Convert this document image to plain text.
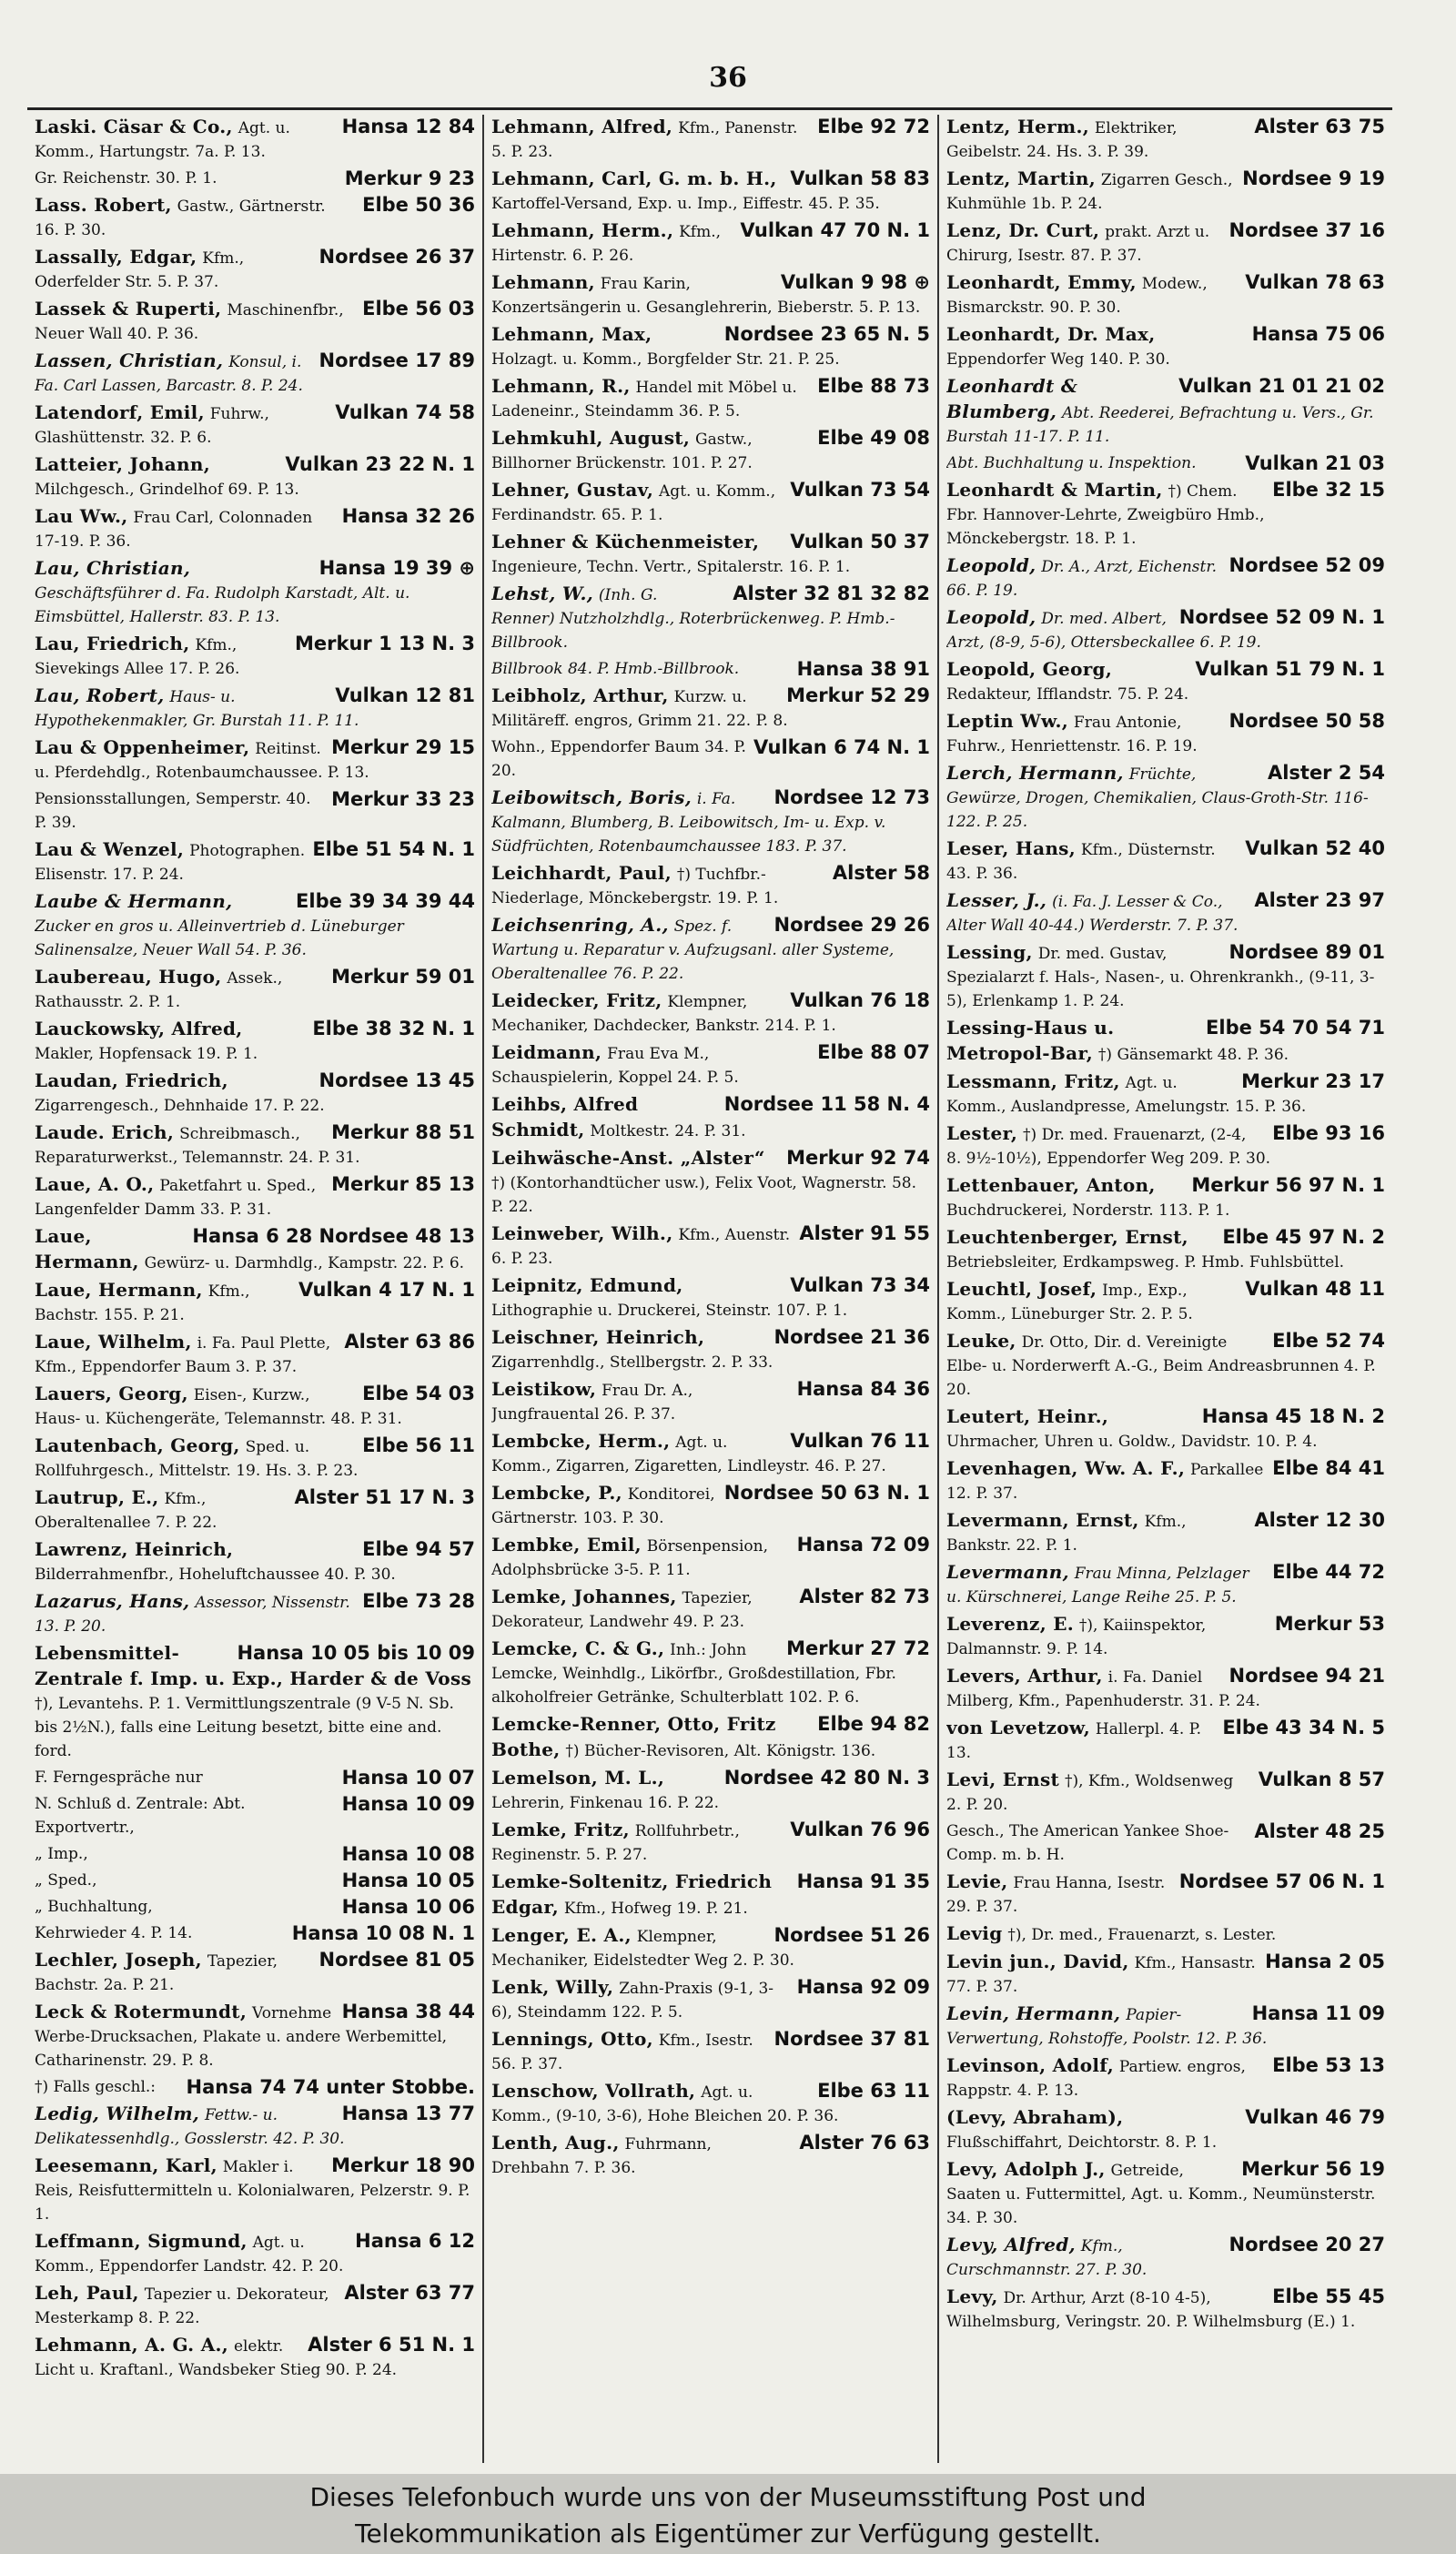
36
Hansa 12 84
Laski. Cäsar & Co., Agt. u. Komm., Hartungstr. 7a. P. 13.
Merkur 9 23
Gr. Reichenstr. 30. P. 1.
Elbe 50 36
Lass. Robert, Gastw., Gärtnerstr. 16. P. 30.
Nordsee 26 37
Lassally, Edgar, Kfm., Oderfelder Str. 5. P. 37.
Elbe 56 03
Lassek & Ruperti, Maschinenfbr., Neuer Wall 40. P. 36.
Nordsee 17 89
Lassen, Christian, Konsul, i. Fa. Carl Lassen, Barcastr. 8. P. 24.
Vulkan 74 58
Latendorf, Emil, Fuhrw., Glashüttenstr. 32. P. 6.
Vulkan 23 22 N. 1
Latteier, Johann, Milchgesch., Grindelhof 69. P. 13.
Hansa 32 26
Lau Ww., Frau Carl, Colonnaden 17-19. P. 36.
Hansa 19 39 ⊕
Lau, Christian, Geschäftsführer d. Fa. Rudolph Karstadt, Alt. u. Eimsbüttel, Hallerstr. 83. P. 13.
Merkur 1 13 N. 3
Lau, Friedrich, Kfm., Sievekings Allee 17. P. 26.
Vulkan 12 81
Lau, Robert, Haus- u. Hypothekenmakler, Gr. Burstah 11. P. 11.
Merkur 29 15
Lau & Oppenheimer, Reitinst. u. Pferdehdlg., Rotenbaumchaussee. P. 13.
Merkur 33 23
Pensionsstallungen, Semperstr. 40. P. 39.
Elbe 51 54 N. 1
Lau & Wenzel, Photographen. Elisenstr. 17. P. 24.
Elbe 39 34 39 44
Laube & Hermann, Zucker en gros u. Alleinvertrieb d. Lüneburger Salinensalze, Neuer Wall 54. P. 36.
Merkur 59 01
Laubereau, Hugo, Assek., Rathausstr. 2. P. 1.
Elbe 38 32 N. 1
Lauckowsky, Alfred, Makler, Hopfensack 19. P. 1.
Nordsee 13 45
Laudan, Friedrich, Zigarrengesch., Dehnhaide 17. P. 22.
Merkur 88 51
Laude. Erich, Schreibmasch., Reparaturwerkst., Telemannstr. 24. P. 31.
Merkur 85 13
Laue, A. O., Paketfahrt u. Sped., Langenfelder Damm 33. P. 31.
Hansa 6 28 Nordsee 48 13
Laue, Hermann, Gewürz- u. Darmhdlg., Kampstr. 22. P. 6.
Vulkan 4 17 N. 1
Laue, Hermann, Kfm., Bachstr. 155. P. 21.
Alster 63 86
Laue, Wilhelm, i. Fa. Paul Plette, Kfm., Eppendorfer Baum 3. P. 37.
Elbe 54 03
Lauers, Georg, Eisen-, Kurzw., Haus- u. Küchengeräte, Telemannstr. 48. P. 31.
Elbe 56 11
Lautenbach, Georg, Sped. u. Rollfuhrgesch., Mittelstr. 19. Hs. 3. P. 23.
Alster 51 17 N. 3
Lautrup, E., Kfm., Oberaltenallee 7. P. 22.
Elbe 94 57
Lawrenz, Heinrich, Bilderrahmenfbr., Hoheluftchaussee 40. P. 30.
Elbe 73 28
Lazarus, Hans, Assessor, Nissenstr. 13. P. 20.
Hansa 10 05 bis 10 09
Lebensmittel-Zentrale f. Imp. u. Exp., Harder & de Voss †), Levantehs. P. 1. Vermittlungszentrale (9 V-5 N. Sb. bis 2½N.), falls eine Leitung besetzt, bitte eine and. ford.
Hansa 10 07
F. Ferngespräche nur
Hansa 10 09
N. Schluß d. Zentrale: Abt. Exportvertr.,
Hansa 10 08
„ Imp.,
Hansa 10 05
„ Sped.,
Hansa 10 06
„ Buchhaltung,
Hansa 10 08 N. 1
Kehrwieder 4. P. 14.
Nordsee 81 05
Lechler, Joseph, Tapezier, Bachstr. 2a. P. 21.
Hansa 38 44
Leck & Rotermundt, Vornehme Werbe-Drucksachen, Plakate u. andere Werbemittel, Catharinenstr. 29. P. 8.
Hansa 74 74 unter Stobbe.
†) Falls geschl.:
Hansa 13 77
Ledig, Wilhelm, Fettw.- u. Delikatessenhdlg., Gosslerstr. 42. P. 30.
Merkur 18 90
Leesemann, Karl, Makler i. Reis, Reisfuttermitteln u. Kolonialwaren, Pelzerstr. 9. P. 1.
Hansa 6 12
Leffmann, Sigmund, Agt. u. Komm., Eppendorfer Landstr. 42. P. 20.
Alster 63 77
Leh, Paul, Tapezier u. Dekorateur, Mesterkamp 8. P. 22.
Alster 6 51 N. 1
Lehmann, A. G. A., elektr. Licht u. Kraftanl., Wandsbeker Stieg 90. P. 24.
Elbe 92 72
Lehmann, Alfred, Kfm., Panenstr. 5. P. 23.
Vulkan 58 83
Lehmann, Carl, G. m. b. H., Kartoffel-Versand, Exp. u. Imp., Eiffestr. 45. P. 35.
Vulkan 47 70 N. 1
Lehmann, Herm., Kfm., Hirtenstr. 6. P. 26.
Vulkan 9 98 ⊕
Lehmann, Frau Karin, Konzertsängerin u. Gesanglehrerin, Bieberstr. 5. P. 13.
Nordsee 23 65 N. 5
Lehmann, Max, Holzagt. u. Komm., Borgfelder Str. 21. P. 25.
Elbe 88 73
Lehmann, R., Handel mit Möbel u. Ladeneinr., Steindamm 36. P. 5.
Elbe 49 08
Lehmkuhl, August, Gastw., Billhorner Brückenstr. 101. P. 27.
Vulkan 73 54
Lehner, Gustav, Agt. u. Komm., Ferdinandstr. 65. P. 1.
Vulkan 50 37
Lehner & Küchenmeister, Ingenieure, Techn. Vertr., Spitalerstr. 16. P. 1.
Alster 32 81 32 82
Lehst, W., (Inh. G. Renner) Nutzholzhdlg., Roterbrückenweg. P. Hmb.-Billbrook.
Hansa 38 91
Billbrook 84. P. Hmb.-Billbrook.
Merkur 52 29
Leibholz, Arthur, Kurzw. u. Militäreff. engros, Grimm 21. 22. P. 8.
Vulkan 6 74 N. 1
Wohn., Eppendorfer Baum 34. P. 20.
Nordsee 12 73
Leibowitsch, Boris, i. Fa. Kalmann, Blumberg, B. Leibowitsch, Im- u. Exp. v. Südfrüchten, Rotenbaumchaussee 183. P. 37.
Alster 58
Leichhardt, Paul, †) Tuchfbr.-Niederlage, Mönckebergstr. 19. P. 1.
Nordsee 29 26
Leichsenring, A., Spez. f. Wartung u. Reparatur v. Aufzugsanl. aller Systeme, Oberaltenallee 76. P. 22.
Vulkan 76 18
Leidecker, Fritz, Klempner, Mechaniker, Dachdecker, Bankstr. 214. P. 1.
Elbe 88 07
Leidmann, Frau Eva M., Schauspielerin, Koppel 24. P. 5.
Nordsee 11 58 N. 4
Leihbs, Alfred Schmidt, Moltkestr. 24. P. 31.
Merkur 92 74
Leihwäsche-Anst. „Alster“ †) (Kontorhandtücher usw.), Felix Voot, Wagnerstr. 58. P. 22.
Alster 91 55
Leinweber, Wilh., Kfm., Auenstr. 6. P. 23.
Vulkan 73 34
Leipnitz, Edmund, Lithographie u. Druckerei, Steinstr. 107. P. 1.
Nordsee 21 36
Leischner, Heinrich, Zigarrenhdlg., Stellbergstr. 2. P. 33.
Hansa 84 36
Leistikow, Frau Dr. A., Jungfrauental 26. P. 37.
Vulkan 76 11
Lembcke, Herm., Agt. u. Komm., Zigarren, Zigaretten, Lindleystr. 46. P. 27.
Nordsee 50 63 N. 1
Lembcke, P., Konditorei, Gärtnerstr. 103. P. 30.
Hansa 72 09
Lembke, Emil, Börsenpension, Adolphsbrücke 3-5. P. 11.
Alster 82 73
Lemke, Johannes, Tapezier, Dekorateur, Landwehr 49. P. 23.
Merkur 27 72
Lemcke, C. & G., Inh.: John Lemcke, Weinhdlg., Likörfbr., Großdestillation, Fbr. alkoholfreier Getränke, Schulterblatt 102. P. 6.
Elbe 94 82
Lemcke-Renner, Otto, Fritz Bothe, †) Bücher-Revisoren, Alt. Königstr. 136.
Nordsee 42 80 N. 3
Lemelson, M. L., Lehrerin, Finkenau 16. P. 22.
Vulkan 76 96
Lemke, Fritz, Rollfuhrbetr., Reginenstr. 5. P. 27.
Hansa 91 35
Lemke-Soltenitz, Friedrich Edgar, Kfm., Hofweg 19. P. 21.
Nordsee 51 26
Lenger, E. A., Klempner, Mechaniker, Eidelstedter Weg 2. P. 30.
Hansa 92 09
Lenk, Willy, Zahn-Praxis (9-1, 3-6), Steindamm 122. P. 5.
Nordsee 37 81
Lennings, Otto, Kfm., Isestr. 56. P. 37.
Elbe 63 11
Lenschow, Vollrath, Agt. u. Komm., (9-10, 3-6), Hohe Bleichen 20. P. 36.
Alster 76 63
Lenth, Aug., Fuhrmann, Drehbahn 7. P. 36.
Alster 63 75
Lentz, Herm., Elektriker, Geibelstr. 24. Hs. 3. P. 39.
Nordsee 9 19
Lentz, Martin, Zigarren Gesch., Kuhmühle 1b. P. 24.
Nordsee 37 16
Lenz, Dr. Curt, prakt. Arzt u. Chirurg, Isestr. 87. P. 37.
Vulkan 78 63
Leonhardt, Emmy, Modew., Bismarckstr. 90. P. 30.
Hansa 75 06
Leonhardt, Dr. Max, Eppendorfer Weg 140. P. 30.
Vulkan 21 01 21 02
Leonhardt & Blumberg, Abt. Reederei, Befrachtung u. Vers., Gr. Burstah 11-17. P. 11.
Vulkan 21 03
Abt. Buchhaltung u. Inspektion.
Elbe 32 15
Leonhardt & Martin, †) Chem. Fbr. Hannover-Lehrte, Zweigbüro Hmb., Mönckebergstr. 18. P. 1.
Nordsee 52 09
Leopold, Dr. A., Arzt, Eichenstr. 66. P. 19.
Nordsee 52 09 N. 1
Leopold, Dr. med. Albert, Arzt, (8-9, 5-6), Ottersbeckallee 6. P. 19.
Vulkan 51 79 N. 1
Leopold, Georg, Redakteur, Ifflandstr. 75. P. 24.
Nordsee 50 58
Leptin Ww., Frau Antonie, Fuhrw., Henriettenstr. 16. P. 19.
Alster 2 54
Lerch, Hermann, Früchte, Gewürze, Drogen, Chemikalien, Claus-Groth-Str. 116-122. P. 25.
Vulkan 52 40
Leser, Hans, Kfm., Düsternstr. 43. P. 36.
Alster 23 97
Lesser, J., (i. Fa. J. Lesser & Co., Alter Wall 40-44.) Werderstr. 7. P. 37.
Nordsee 89 01
Lessing, Dr. med. Gustav, Spezialarzt f. Hals-, Nasen-, u. Ohrenkrankh., (9-11, 3-5), Erlenkamp 1. P. 24.
Elbe 54 70 54 71
Lessing-Haus u. Metropol-Bar, †) Gänsemarkt 48. P. 36.
Merkur 23 17
Lessmann, Fritz, Agt. u. Komm., Auslandpresse, Amelungstr. 15. P. 36.
Elbe 93 16
Lester, †) Dr. med. Frauenarzt, (2-4, 8. 9½-10½), Eppendorfer Weg 209. P. 30.
Merkur 56 97 N. 1
Lettenbauer, Anton, Buchdruckerei, Norderstr. 113. P. 1.
Elbe 45 97 N. 2
Leuchtenberger, Ernst, Betriebsleiter, Erdkampsweg. P. Hmb. Fuhlsbüttel.
Vulkan 48 11
Leuchtl, Josef, Imp., Exp., Komm., Lüneburger Str. 2. P. 5.
Elbe 52 74
Leuke, Dr. Otto, Dir. d. Vereinigte Elbe- u. Norderwerft A.-G., Beim Andreasbrunnen 4. P. 20.
Hansa 45 18 N. 2
Leutert, Heinr., Uhrmacher, Uhren u. Goldw., Davidstr. 10. P. 4.
Elbe 84 41
Levenhagen, Ww. A. F., Parkallee 12. P. 37.
Alster 12 30
Levermann, Ernst, Kfm., Bankstr. 22. P. 1.
Elbe 44 72
Levermann, Frau Minna, Pelzlager u. Kürschnerei, Lange Reihe 25. P. 5.
Merkur 53
Leverenz, E. †), Kaiinspektor, Dalmannstr. 9. P. 14.
Nordsee 94 21
Levers, Arthur, i. Fa. Daniel Milberg, Kfm., Papenhuderstr. 31. P. 24.
Elbe 43 34 N. 5
von Levetzow, Hallerpl. 4. P. 13.
Vulkan 8 57
Levi, Ernst †), Kfm., Woldsenweg 2. P. 20.
Alster 48 25
Gesch., The American Yankee Shoe-Comp. m. b. H.
Nordsee 57 06 N. 1
Levie, Frau Hanna, Isestr. 29. P. 37.
Levig †), Dr. med., Frauenarzt, s. Lester.
Hansa 2 05
Levin jun., David, Kfm., Hansastr. 77. P. 37.
Hansa 11 09
Levin, Hermann, Papier-Verwertung, Rohstoffe, Poolstr. 12. P. 36.
Elbe 53 13
Levinson, Adolf, Partiew. engros, Rappstr. 4. P. 13.
Vulkan 46 79
(Levy, Abraham), Flußschiffahrt, Deichtorstr. 8. P. 1.
Merkur 56 19
Levy, Adolph J., Getreide, Saaten u. Futtermittel, Agt. u. Komm., Neumünsterstr. 34. P. 30.
Nordsee 20 27
Levy, Alfred, Kfm., Curschmannstr. 27. P. 30.
Elbe 55 45
Levy, Dr. Arthur, Arzt (8-10 4-5), Wilhelmsburg, Veringstr. 20. P. Wilhelmsburg (E.) 1.
Dieses Telefonbuch wurde uns von der Museumsstiftung Post und
Telekommunikation als Eigentümer zur Verfügung gestellt.
